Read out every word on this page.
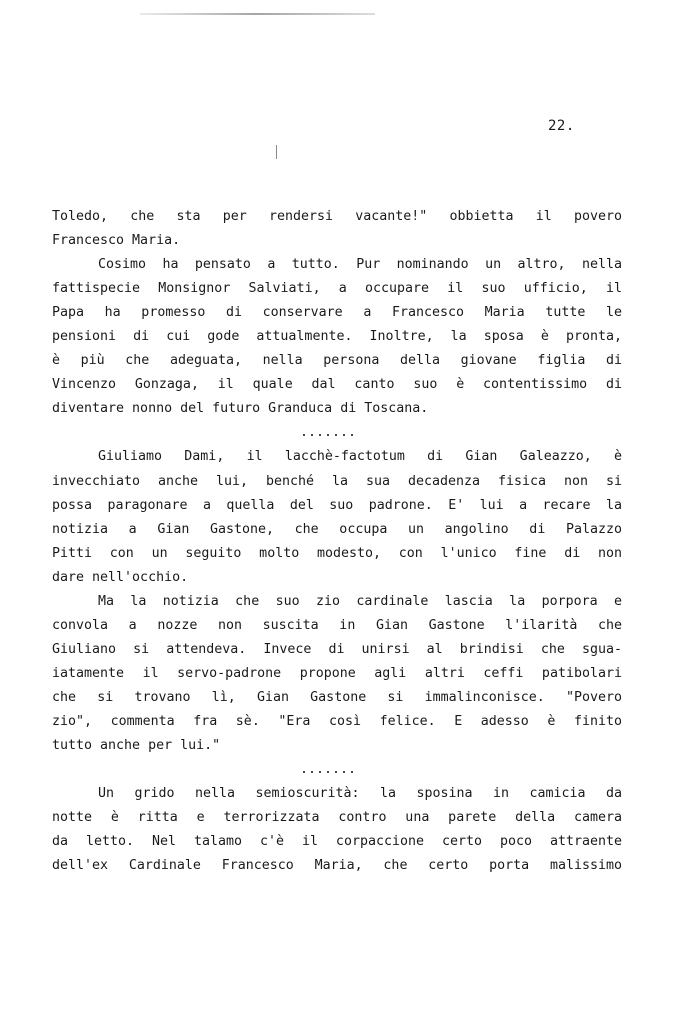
22.
Toledo, che sta per rendersi vacante!" obbietta il povero
Francesco Maria.
Cosimo ha pensato a tutto. Pur nominando un altro, nella
fattispecie Monsignor Salviati, a occupare il suo ufficio, il
Papa ha promesso di conservare a Francesco Maria tutte le
pensioni di cui gode attualmente. Inoltre, la sposa è pronta,
è più che adeguata, nella persona della giovane figlia di
Vincenzo Gonzaga, il quale dal canto suo è contentissimo di
diventare nonno del futuro Granduca di Toscana.
.......
Giuliamo Dami, il lacchè-factotum di Gian Galeazzo, è
invecchiato anche lui, benché la sua decadenza fisica non si
possa paragonare a quella del suo padrone. E' lui a recare la
notizia a Gian Gastone, che occupa un angolino di Palazzo
Pitti con un seguito molto modesto, con l'unico fine di non
dare nell'occhio.
Ma la notizia che suo zio cardinale lascia la porpora e
convola a nozze non suscita in Gian Gastone l'ilarità che
Giuliano si attendeva. Invece di unirsi al brindisi che sgua-
iatamente il servo-padrone propone agli altri ceffi patibolari
che si trovano lì, Gian Gastone si immalinconisce. "Povero
zio", commenta fra sè. "Era così felice. E adesso è finito
tutto anche per lui."
.......
Un grido nella semioscurità: la sposina in camicia da
notte è ritta e terrorizzata contro una parete della camera
da letto. Nel talamo c'è il corpaccione certo poco attraente
dell'ex Cardinale Francesco Maria, che certo porta malissimo
